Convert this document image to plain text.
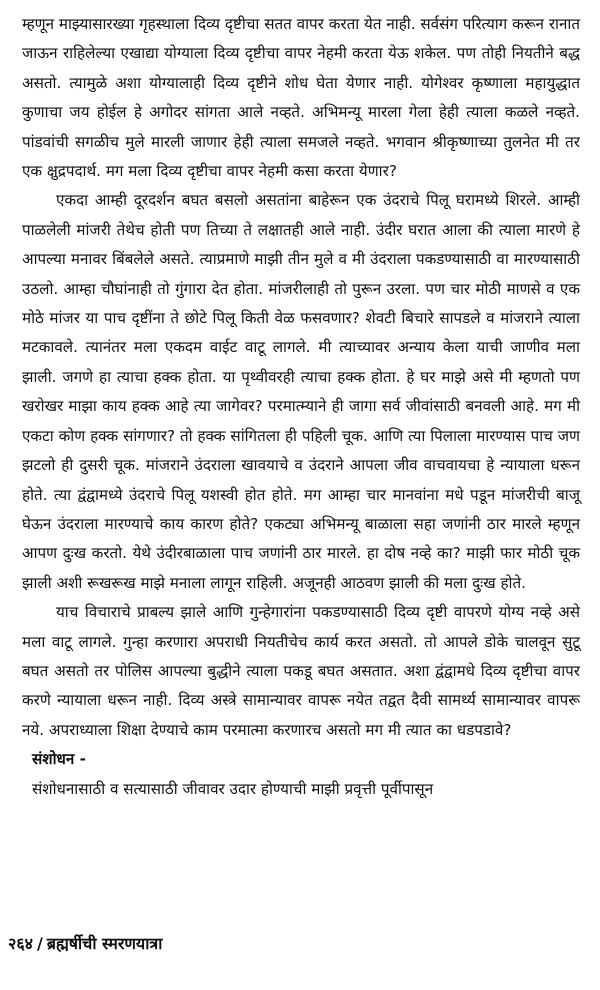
म्हणून माझ्यासारख्या गृहस्थाला दिव्य दृष्टीचा सतत वापर करता येत नाही. सर्वसंग परित्याग करून रानात जाऊन राहिलेल्या एखाद्या योग्याला दिव्य दृष्टीचा वापर नेहमी करता येऊ शकेल. पण तोही नियतीने बद्ध असतो. त्यामुळे अशा योग्यालाही दिव्य दृष्टीने शोध घेता येणार नाही. योगेश्वर कृष्णाला महायुद्धात कुणाचा जय होईल हे अगोदर सांगता आले नव्हते. अभिमन्यू मारला गेला हेही त्याला कळले नव्हते. पांडवांची सगळीच मुले मारली जाणार हेही त्याला समजले नव्हते. भगवान श्रीकृष्णाच्या तुलनेत मी तर एक क्षुद्रपदार्थ. मग मला दिव्य दृष्टीचा वापर नेहमी कसा करता येणार?

एकदा आम्ही दूरदर्शन बघत बसलो असतांना बाहेरून एक उंदराचे पिलू घरामध्ये शिरले. आम्ही पाळलेली मांजरी तेथेच होती पण तिच्या ते लक्षातही आले नाही. उंदीर घरात आला की त्याला मारणे हे आपल्या मनावर बिंबलेले असते. त्याप्रमाणे माझी तीन मुले व मी उंदराला पकडण्यासाठी वा मारण्यासाठी उठलो. आम्हा चौघांनाही तो गुंगारा देत होता. मांजरीलाही तो पुरून उरला. पण चार मोठी माणसे व एक मोठे मांजर या पाच दृष्टींना ते छोटे पिलू किती वेळ फसवणार? शेवटी बिचारे सापडले व मांजराने त्याला मटकावले. त्यानंतर मला एकदम वाईट वाटू लागले. मी त्याच्यावर अन्याय केला याची जाणीव मला झाली. जगणे हा त्याचा हक्क होता. या पृथ्वीवरही त्याचा हक्क होता. हे घर माझे असे मी म्हणतो पण खरोखर माझा काय हक्क आहे त्या जागेवर? परमात्म्याने ही जागा सर्व जीवांसाठी बनवली आहे. मग मी एकटा कोण हक्क सांगणार? तो हक्क सांगितला ही पहिली चूक. आणि त्या पिलाला मारण्यास पाच जण झटलो ही दुसरी चूक. मांजराने उंदराला खावयाचे व उंदराने आपला जीव वाचवायचा हे न्यायाला धरून होते. त्या द्वंद्वामध्ये उंदराचे पिलू यशस्वी होत होते. मग आम्हा चार मानवांना मधे पडून मांजरीची बाजू घेऊन उंदराला मारण्याचे काय कारण होते? एकट्या अभिमन्यू बाळाला सहा जणांनी ठार मारले म्हणून आपण दुःख करतो. येथे उंदीरबाळाला पाच जणांनी ठार मारले. हा दोष नव्हे का? माझी फार मोठी चूक झाली अशी रूखरूख माझे मनाला लागून राहिली. अजूनही आठवण झाली की मला दुःख होते.

याच विचाराचे प्राबल्य झाले आणि गुन्हेगारांना पकडण्यासाठी दिव्य दृष्टी वापरणे योग्य नव्हे असे मला वाटू लागले. गुन्हा करणारा अपराधी नियतीचेच कार्य करत असतो. तो आपले डोके चालवून सुटू बघत असतो तर पोलिस आपल्या बुद्धीने त्याला पकडू बघत असतात. अशा द्वंद्वामधे दिव्य दृष्टीचा वापर करणे न्यायाला धरून नाही. दिव्य अस्त्रे सामान्यावर वापरू नयेत तद्वत दैवी सामर्थ्य सामान्यावर वापरू नये. अपराध्याला शिक्षा देण्याचे काम परमात्मा करणारच असतो मग मी त्यात का धडपडावे?

संशोधन -

संशोधनासाठी व सत्यासाठी जीवावर उदार होण्याची माझी प्रवृत्ती पूर्वीपासून

२६४ / ब्रह्मर्षीची स्मरणयात्रा
